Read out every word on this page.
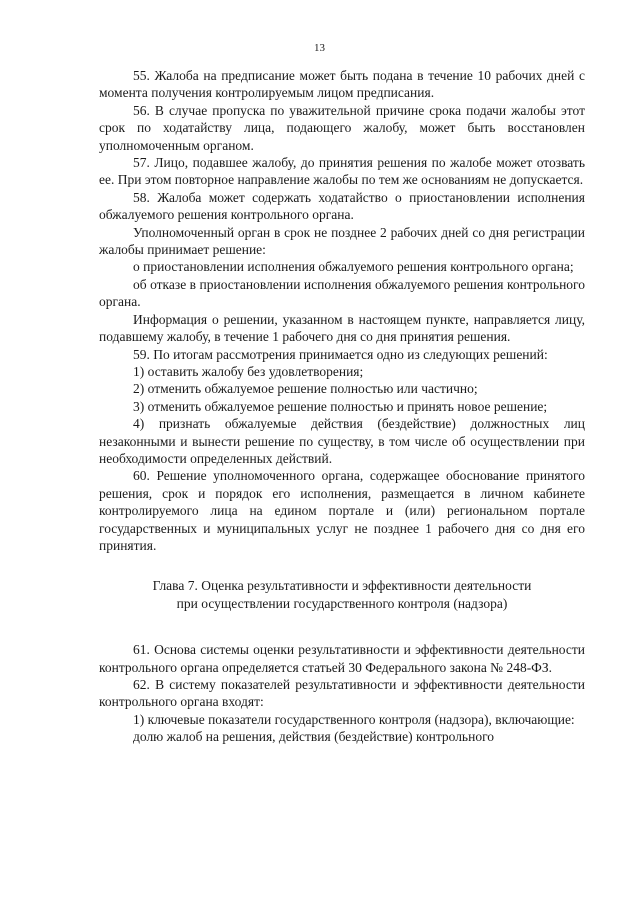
13

55. Жалоба на предписание может быть подана в течение 10 рабочих дней с момента получения контролируемым лицом предписания.

56. В случае пропуска по уважительной причине срока подачи жалобы этот срок по ходатайству лица, подающего жалобу, может быть восстановлен уполномоченным органом.

57. Лицо, подавшее жалобу, до принятия решения по жалобе может отозвать ее. При этом повторное направление жалобы по тем же основаниям не допускается.

58. Жалоба может содержать ходатайство о приостановлении исполнения обжалуемого решения контрольного органа.

Уполномоченный орган в срок не позднее 2 рабочих дней со дня регистрации жалобы принимает решение:

о приостановлении исполнения обжалуемого решения контрольного органа;

об отказе в приостановлении исполнения обжалуемого решения контрольного органа.

Информация о решении, указанном в настоящем пункте, направляется лицу, подавшему жалобу, в течение 1 рабочего дня со дня принятия решения.

59. По итогам рассмотрения принимается одно из следующих решений:

1) оставить жалобу без удовлетворения;

2) отменить обжалуемое решение полностью или частично;

3) отменить обжалуемое решение полностью и принять новое решение;

4) признать обжалуемые действия (бездействие) должностных лиц незаконными и вынести решение по существу, в том числе об осуществлении при необходимости определенных действий.

60. Решение уполномоченного органа, содержащее обоснование принятого решения, срок и порядок его исполнения, размещается в личном кабинете контролируемого лица на едином портале и (или) региональном портале государственных и муниципальных услуг не позднее 1 рабочего дня со дня его принятия.

Глава 7. Оценка результативности и эффективности деятельности
при осуществлении государственного контроля (надзора)

61. Основа системы оценки результативности и эффективности деятельности контрольного органа определяется статьей 30 Федерального закона № 248-ФЗ.

62. В систему показателей результативности и эффективности деятельности контрольного органа входят:

1) ключевые показатели государственного контроля (надзора), включающие:

долю жалоб на решения, действия (бездействие) контрольного
